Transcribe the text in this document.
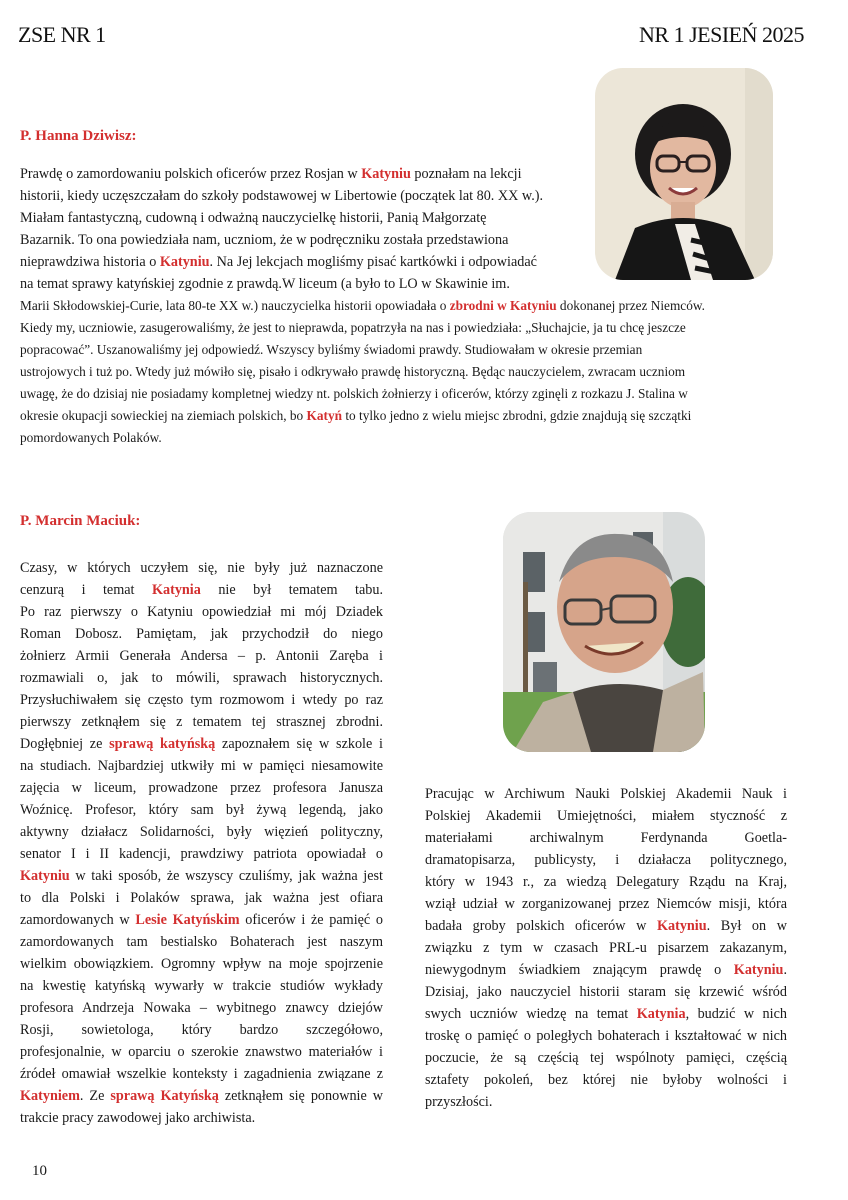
ZSE NR 1	NR 1 JESIEŃ 2025
P. Hanna Dziwisz:
Prawdę o zamordowaniu polskich oficerów przez Rosjan w Katyniu poznałam na lekcji
historii, kiedy uczęszczałam do szkoły podstawowej w Libertowie (początek lat 80. XX w.).
Miałam fantastyczną, cudowną i odważną nauczycielkę historii, Panią Małgorzatę
Bazarnik. To ona powiedziała nam, uczniom, że w podręczniku została przedstawiona
nieprawdziwa historia o Katyniu. Na Jej lekcjach mogliśmy pisać kartkówki i odpowiadać
na temat sprawy katyńskiej zgodnie z prawdą.W liceum (a było to LO w Skawinie im.
Marii Skłodowskiej-Curie, lata 80-te XX w.) nauczycielka historii opowiadała o zbrodni w Katyniu dokonanej przez Niemców.
Kiedy my, uczniowie, zasugerowaliśmy, że jest to nieprawda, popatrzyła na nas i powiedziała: „Słuchajcie, ja tu chcę jeszcze
popracować”. Uszanowaliśmy jej odpowiedź. Wszyscy byliśmy świadomi prawdy. Studiowałam w okresie przemian
ustrojowych i tuż po. Wtedy już mówiło się, pisało i odkrywało prawdę historyczną. Będąc nauczycielem, zwracam uczniom
uwagę, że do dzisiaj nie posiadamy kompletnej wiedzy nt. polskich żołnierzy i oficerów, którzy zginęli z rozkazu J. Stalina w
okresie okupacji sowieckiej na ziemiach polskich, bo Katyń to tylko jedno z wielu miejsc zbrodni, gdzie znajdują się szczątki
pomordowanych Polaków.
P. Marcin Maciuk:
Czasy, w których uczyłem się, nie były już naznaczone
cenzurą i temat Katynia nie był tematem tabu.
Po raz pierwszy o Katyniu opowiedział mi mój Dziadek
Roman Dobosz. Pamiętam, jak przychodził do niego
żołnierz Armii Generała Andersa – p. Antonii Zaręba i
rozmawiali o, jak to mówili, sprawach historycznych.
Przysłuchiwałem się często tym rozmowom i wtedy po raz
pierwszy zetknąłem się z tematem tej strasznej zbrodni.
Dogłębniej ze sprawą katyńską zapoznałem się w szkole i
na studiach. Najbardziej utkwiły mi w pamięci niesamowite
zajęcia w liceum, prowadzone przez profesora Janusza
Woźnicę. Profesor, który sam był żywą legendą, jako
aktywny działacz Solidarności, były więzień polityczny,
senator I i II kadencji, prawdziwy patriota opowiadał o
Katyniu w taki sposób, że wszyscy czuliśmy, jak ważna jest
to dla Polski i Polaków sprawa, jak ważna jest ofiara
zamordowanych w Lesie Katyńskim oficerów i że pamięć o
zamordowanych tam bestialsko Bohaterach jest naszym
wielkim obowiązkiem. Ogromny wpływ na moje spojrzenie
na kwestię katyńską wywarły w trakcie studiów wykłady
profesora Andrzeja Nowaka – wybitnego znawcy dziejów
Rosji, sowietologa, który bardzo szczegółowo,
profesjonalnie, w oparciu o szerokie znawstwo materiałów i
źródeł omawiał wszelkie konteksty i zagadnienia związane z
Katyniem. Ze sprawą Katyńską zetknąłem się ponownie w
trakcie pracy zawodowej jako archiwista.
Pracując w Archiwum Nauki Polskiej Akademii Nauk i
Polskiej Akademii Umiejętności, miałem styczność z
materiałami archiwalnym Ferdynanda Goetla-
dramatopisarza, publicysty, i działacza politycznego,
który w 1943 r., za wiedzą Delegatury Rządu na Kraj,
wziął udział w zorganizowanej przez Niemców misji, która
badała groby polskich oficerów w Katyniu. Był on w
związku z tym w czasach PRL-u pisarzem zakazanym,
niewygodnym świadkiem znającym prawdę o Katyniu.
Dzisiaj, jako nauczyciel historii staram się krzewić wśród
swych uczniów wiedzę na temat Katynia, budzić w nich
troskę o pamięć o poległych bohaterach i kształtować w nich
poczucie, że są częścią tej wspólnoty pamięci, częścią
sztafety pokoleń, bez której nie byłoby wolności i
przyszłości.
10
